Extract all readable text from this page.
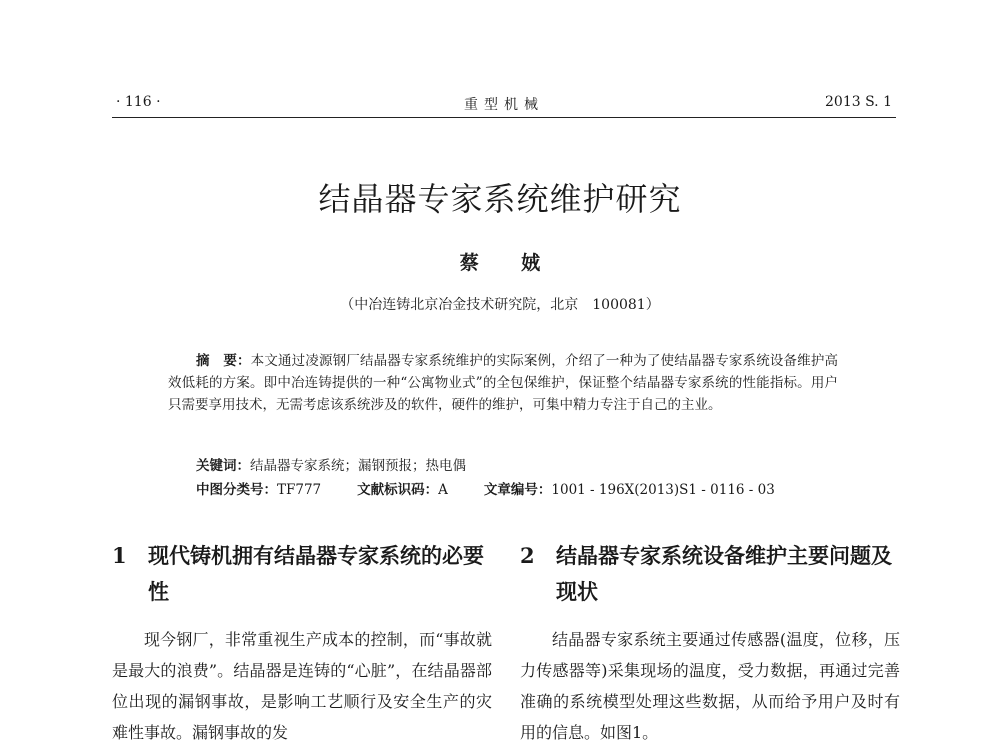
· 116 ·	重型机械	2013 S. 1
结晶器专家系统维护研究
蔡 娀
（中冶连铸北京冶金技术研究院，北京　100081）

摘　要：本文通过凌源钢厂结晶器专家系统维护的实际案例，介绍了一种为了使结晶器专家系统设备维护高效低耗的方案。即中冶连铸提供的一种“公寓物业式”的全包保维护，保证整个结晶器专家系统的性能指标。用户只需要享用技术，无需考虑该系统涉及的软件，硬件的维护，可集中精力专注于自己的主业。

关键词：结晶器专家系统；漏钢预报；热电偶
中图分类号：TF777	文献标识码：A	文章编号：1001 - 196X(2013)S1 - 0116 - 03
1	现代铸机拥有结晶器专家系统的必要性

现今钢厂，非常重视生产成本的控制，而“事故就是最大的浪费”。结晶器是连铸的“心脏”，在结晶器部位出现的漏钢事故，是影响工艺顺行及安全生产的灾难性事故。漏钢事故的发

2	结晶器专家系统设备维护主要问题及现状

结晶器专家系统主要通过传感器(温度，位移，压力传感器等)采集现场的温度，受力数据，再通过完善准确的系统模型处理这些数据，从而给予用户及时有用的信息。如图1。
